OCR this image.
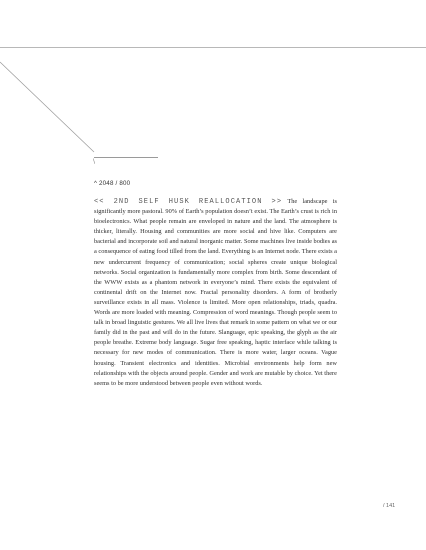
\
^ 2048 / 800

<< 2ND SELF HUSK REALLOCATION >> The landscape is significantly more pastoral. 90% of Earth’s population doesn’t exist. The Earth’s crust is rich in bioelectronics. What people remain are enveloped in nature and the land. The atmosphere is thicker, literally. Housing and communities are more social and hive like. Computers are bacterial and incorporate soil and natural inorganic matter. Some machines live inside bodies as a consequence of eating food tilled from the land. Everything is an Internet node. There exists a new undercurrent frequency of communication; social spheres create unique biological networks. Social organization is fundamentally more complex from birth. Some descendant of the WWW exists as a phantom network in everyone’s mind. There exists the equivalent of continental drift on the Internet now. Fractal personality disorders. A form of brotherly surveillance exists in all mass. Violence is limited. More open relationships, triads, quadra. Words are more loaded with meaning. Compression of word meanings. Though people seem to talk in broad linguistic gestures. We all live lives that remark in some pattern on what we or our family did in the past and will do in the future. Slanguage, epic speaking, the glyph as the air people breathe. Extreme body language. Sugar free speaking, haptic interface while talking is necessary for new modes of communication. There is more water, larger oceans. Vague housing. Transient electronics and identities. Microbial environments help form new relationships with the objects around people. Gender and work are mutable by choice. Yet there seems to be more understood between people even without words.

/ 141
